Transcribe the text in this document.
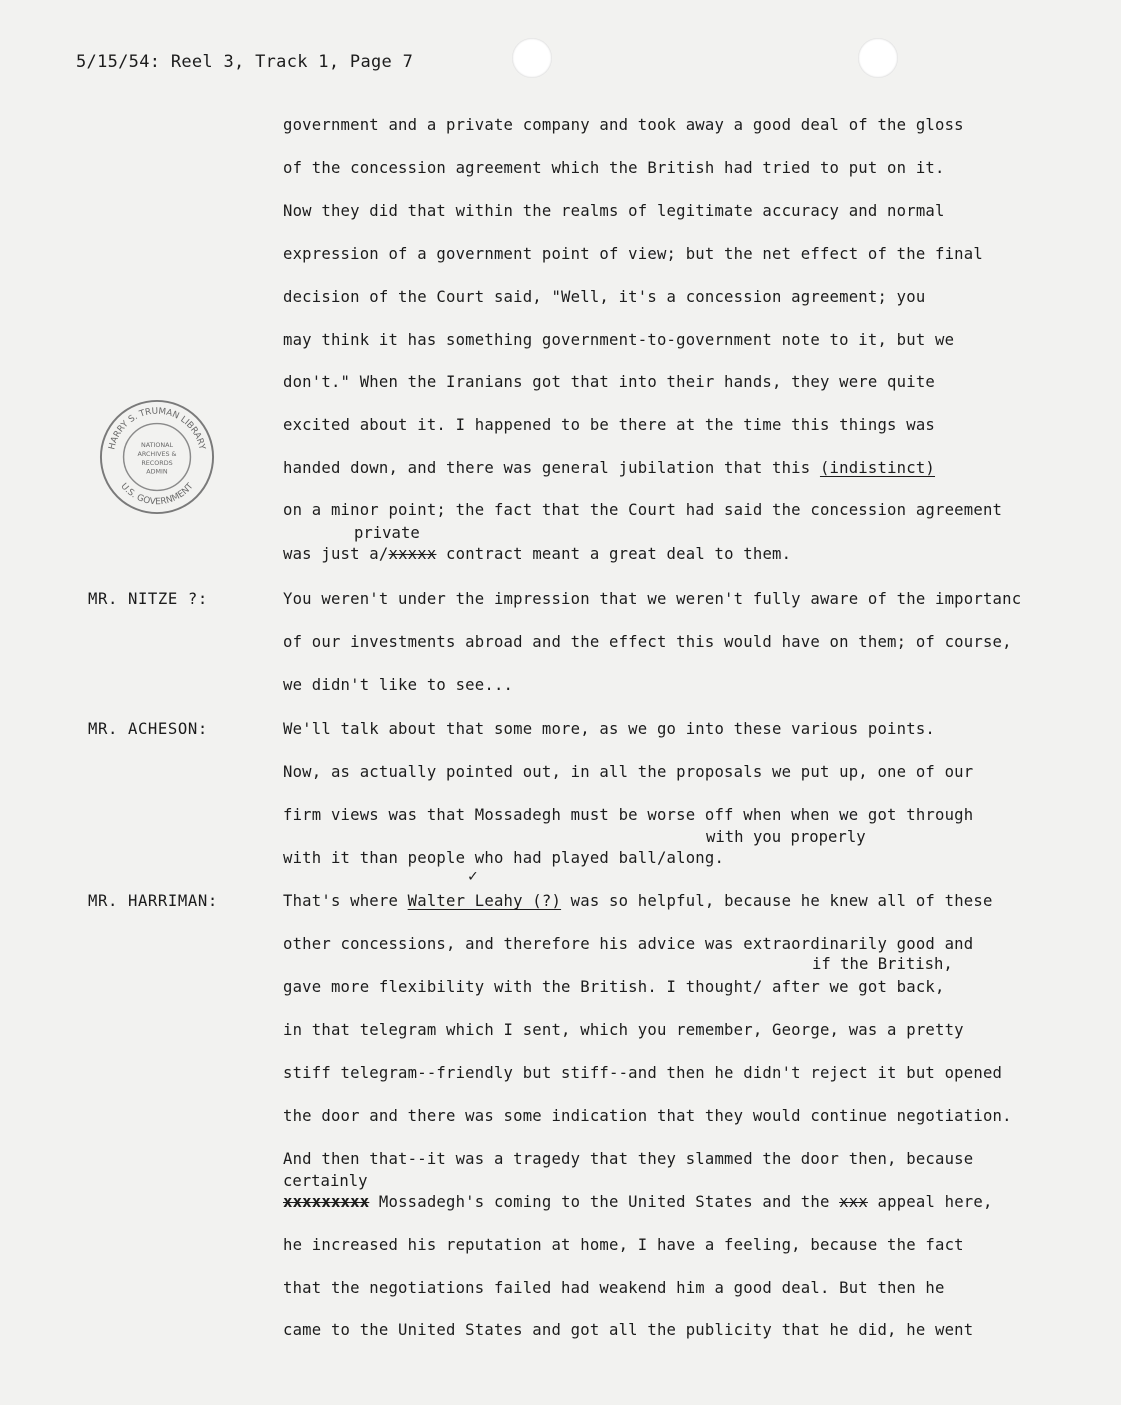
5/15/54: Reel 3, Track 1, Page 7
HARRY S. TRUMAN LIBRARY
U.S. GOVERNMENT
NATIONAL
ARCHIVES &
RECORDS
ADMIN
MR. NITZE ?:
MR. ACHESON:
MR. HARRIMAN:
government and a private company and took away a good deal of the gloss
of the concession agreement which the British had tried to put on it.
Now they did that within the realms of legitimate accuracy and normal
expression of a government point of view; but the net effect of the final
decision of the Court said, "Well, it's a concession agreement; you
may think it has something government-to-government note to it, but we
don't." When the Iranians got that into their hands, they were quite
excited about it. I happened to be there at the time this things was
handed down, and there was general jubilation that this (indistinct)
on a minor point; the fact that the Court had said the concession agreement
was just a/xxxxx contract meant a great deal to them.
private
You weren't under the impression that we weren't fully aware of the importanc
of our investments abroad and the effect this would have on them; of course,
we didn't like to see...
We'll talk about that some more, as we go into these various points.
Now, as actually pointed out, in all the proposals we put up, one of our
firm views was that Mossadegh must be worse off when when we got through
with it than people who had played ball/along.
with you properly
✓
That's where Walter Leahy (?) was so helpful, because he knew all of these
other concessions, and therefore his advice was extraordinarily good and
gave more flexibility with the British. I thought/ after we got back,
if the British,
in that telegram which I sent, which you remember, George, was a pretty
stiff telegram--friendly but stiff--and then he didn't reject it but opened
the door and there was some indication that they would continue negotiation.
And then that--it was a tragedy that they slammed the door then, because
certainly
xxxxxxxxx Mossadegh's coming to the United States and the xxx appeal here,
he increased his reputation at home, I have a feeling, because the fact
that the negotiations failed had weakend him a good deal. But then he
came to the United States and got all the publicity that he did, he went
